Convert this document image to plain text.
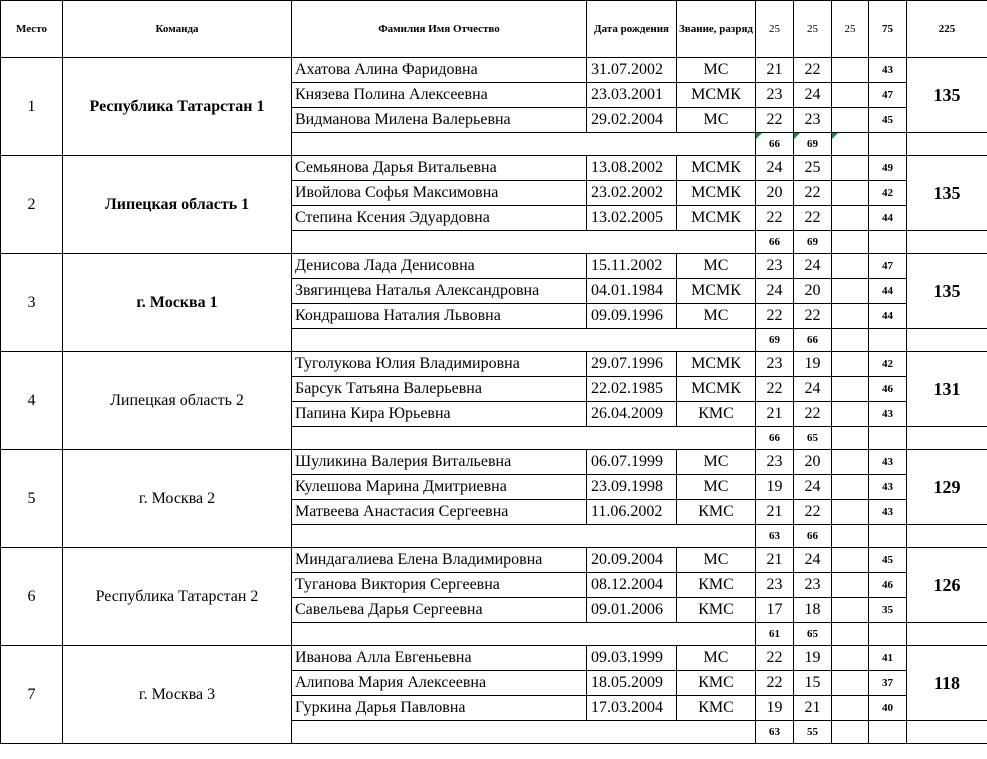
Место	Команда	Фамилия Имя Отчество	Дата рождения	Звание, разряд	25	25	25	75	225
1	Республика Татарстан 1	Ахатова Алина Фаридовна	31.07.2002	МС	21	22		43	135
		Князева Полина Алексеевна	23.03.2001	МСМК	23	24		47	
		Видманова Милена Валерьевна	29.02.2004	МС	22	23		45	
					66	69			
2	Липецкая область 1	Семьянова Дарья Витальевна	13.08.2002	МСМК	24	25		49	135
		Ивойлова Софья Максимовна	23.02.2002	МСМК	20	22		42	
		Степина Ксения Эдуардовна	13.02.2005	МСМК	22	22		44	
					66	69			
3	г. Москва 1	Денисова Лада Денисовна	15.11.2002	МС	23	24		47	135
		Звягинцева Наталья Александровна	04.01.1984	МСМК	24	20		44	
		Кондрашова Наталия Львовна	09.09.1996	МС	22	22		44	
					69	66			
4	Липецкая область 2	Туголукова Юлия Владимировна	29.07.1996	МСМК	23	19		42	131
		Барсук Татьяна Валерьевна	22.02.1985	МСМК	22	24		46	
		Папина Кира Юрьевна	26.04.2009	КМС	21	22		43	
					66	65			
5	г. Москва 2	Шуликина Валерия Витальевна	06.07.1999	МС	23	20		43	129
		Кулешова Марина Дмитриевна	23.09.1998	МС	19	24		43	
		Матвеева Анастасия Сергеевна	11.06.2002	КМС	21	22		43	
					63	66			
6	Республика Татарстан 2	Миндагалиева Елена Владимировна	20.09.2004	МС	21	24		45	126
		Туганова Виктория Сергеевна	08.12.2004	КМС	23	23		46	
		Савельева Дарья Сергеевна	09.01.2006	КМС	17	18		35	
					61	65			
7	г. Москва 3	Иванова Алла Евгеньевна	09.03.1999	МС	22	19		41	118
		Алипова Мария Алексеевна	18.05.2009	КМС	22	15		37	
		Гуркина Дарья Павловна	17.03.2004	КМС	19	21		40	
					63	55			
